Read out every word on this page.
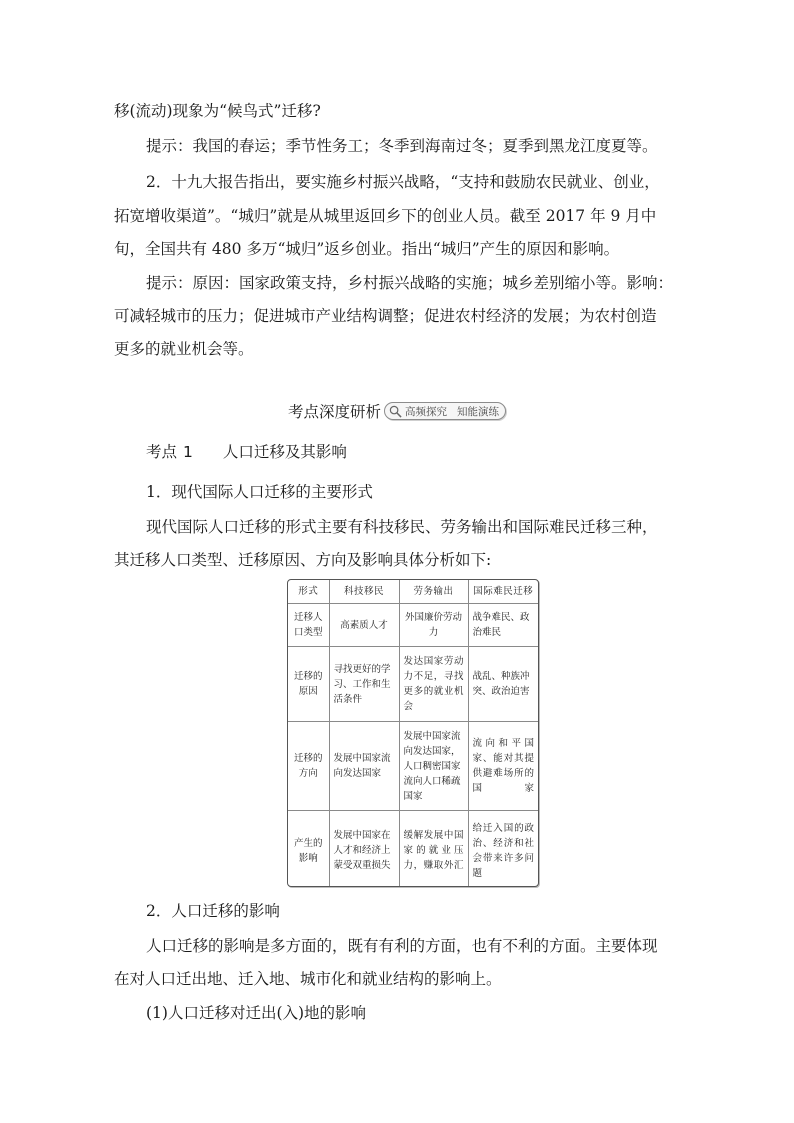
移(流动)现象为“候鸟式”迁移?
提示：我国的春运；季节性务工；冬季到海南过冬；夏季到黑龙江度夏等。
2．十九大报告指出，要实施乡村振兴战略，“支持和鼓励农民就业、创业，
拓宽增收渠道”。“城归”就是从城里返回乡下的创业人员。截至 2017 年 9 月中
旬，全国共有 480 多万“城归”返乡创业。指出“城归”产生的原因和影响。
提示：原因：国家政策支持，乡村振兴战略的实施；城乡差别缩小等。影响：
可减轻城市的压力；促进城市产业结构调整；促进农村经济的发展；为农村创造
更多的就业机会等。
考点深度研析 高频探究 知能演练
考点 1 人口迁移及其影响
1．现代国际人口迁移的主要形式
现代国际人口迁移的形式主要有科技移民、劳务输出和国际难民迁移三种，
其迁移人口类型、迁移原因、方向及影响具体分析如下:
形式	科技移民	劳务输出	国际难民迁移
迁移人口类型	高素质人才	外国廉价劳动力	战争难民、政治难民
迁移的原因	寻找更好的学习、工作和生活条件	发达国家劳动力不足，寻找更多的就业机会	战乱、种族冲突、政治迫害
迁移的方向	发展中国家流向发达国家	发展中国家流向发达国家，人口稠密国家流向人口稀疏国家	流向和平国家、能对其提供避难场所的国家
产生的影响	发展中国家在人才和经济上蒙受双重损失	缓解发展中国家的就业压力，赚取外汇	给迁入国的政治、经济和社会带来许多问题
2．人口迁移的影响
人口迁移的影响是多方面的，既有有利的方面，也有不利的方面。主要体现
在对人口迁出地、迁入地、城市化和就业结构的影响上。
(1)人口迁移对迁出(入)地的影响
